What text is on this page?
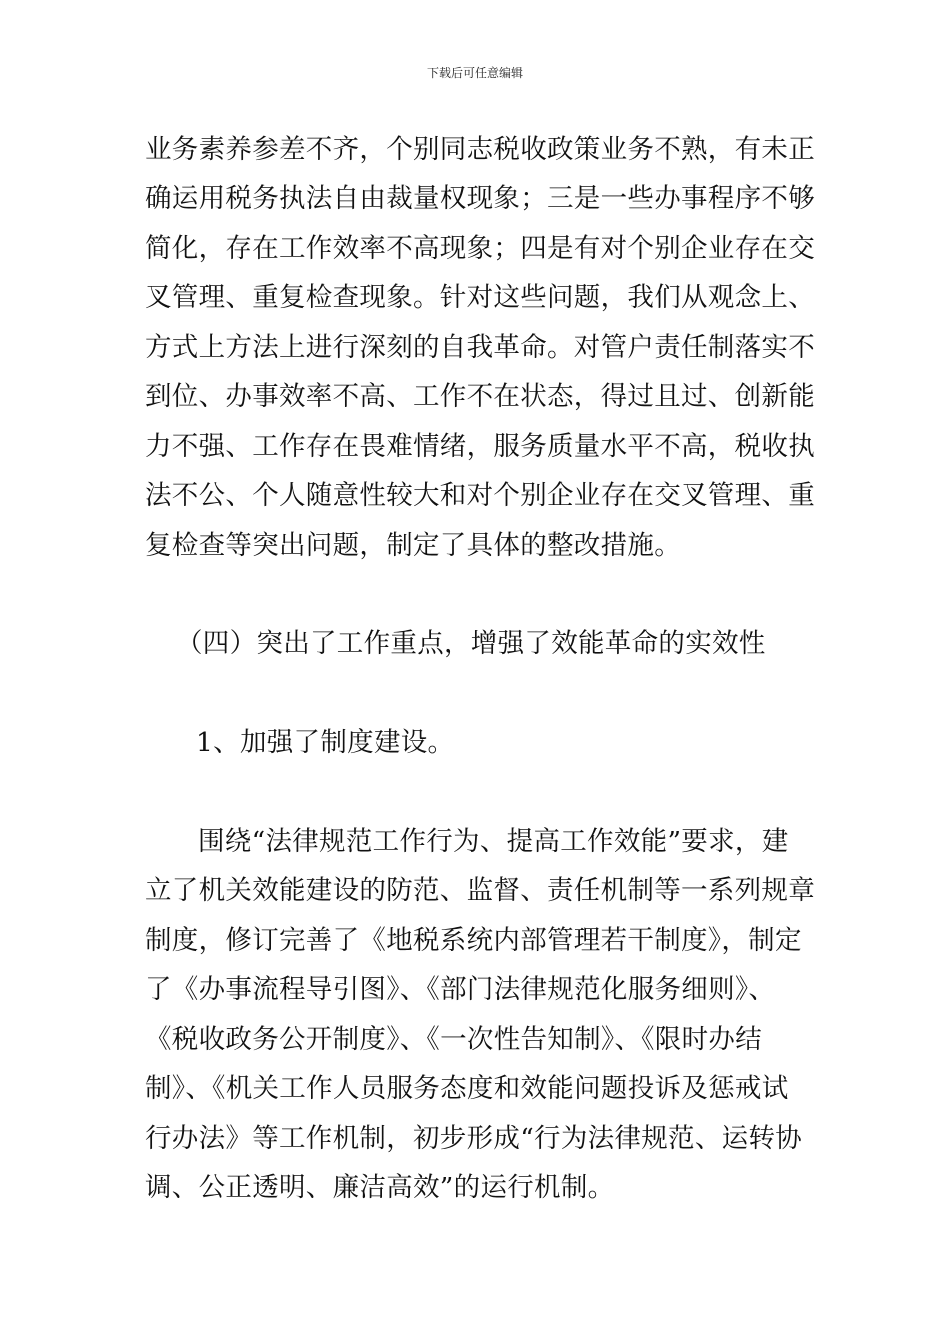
下载后可任意编辑
业务素养参差不齐，个别同志税收政策业务不熟，有未正
确运用税务执法自由裁量权现象；三是一些办事程序不够
简化，存在工作效率不高现象；四是有对个别企业存在交
叉管理、重复检查现象。针对这些问题，我们从观念上、
方式上方法上进行深刻的自我革命。对管户责任制落实不
到位、办事效率不高、工作不在状态，得过且过、创新能
力不强、工作存在畏难情绪，服务质量水平不高，税收执
法不公、个人随意性较大和对个别企业存在交叉管理、重
复检查等突出问题，制定了具体的整改措施。
（四）突出了工作重点，增强了效能革命的实效性
1、加强了制度建设。
围绕“法律规范工作行为、提高工作效能”要求，建
立了机关效能建设的防范、监督、责任机制等一系列规章
制度，修订完善了《地税系统内部管理若干制度》，制定
了《办事流程导引图》、《部门法律规范化服务细则》、
《税收政务公开制度》、《一次性告知制》、《限时办结
制》、《机关工作人员服务态度和效能问题投诉及惩戒试
行办法》等工作机制，初步形成“行为法律规范、运转协
调、公正透明、廉洁高效”的运行机制。
